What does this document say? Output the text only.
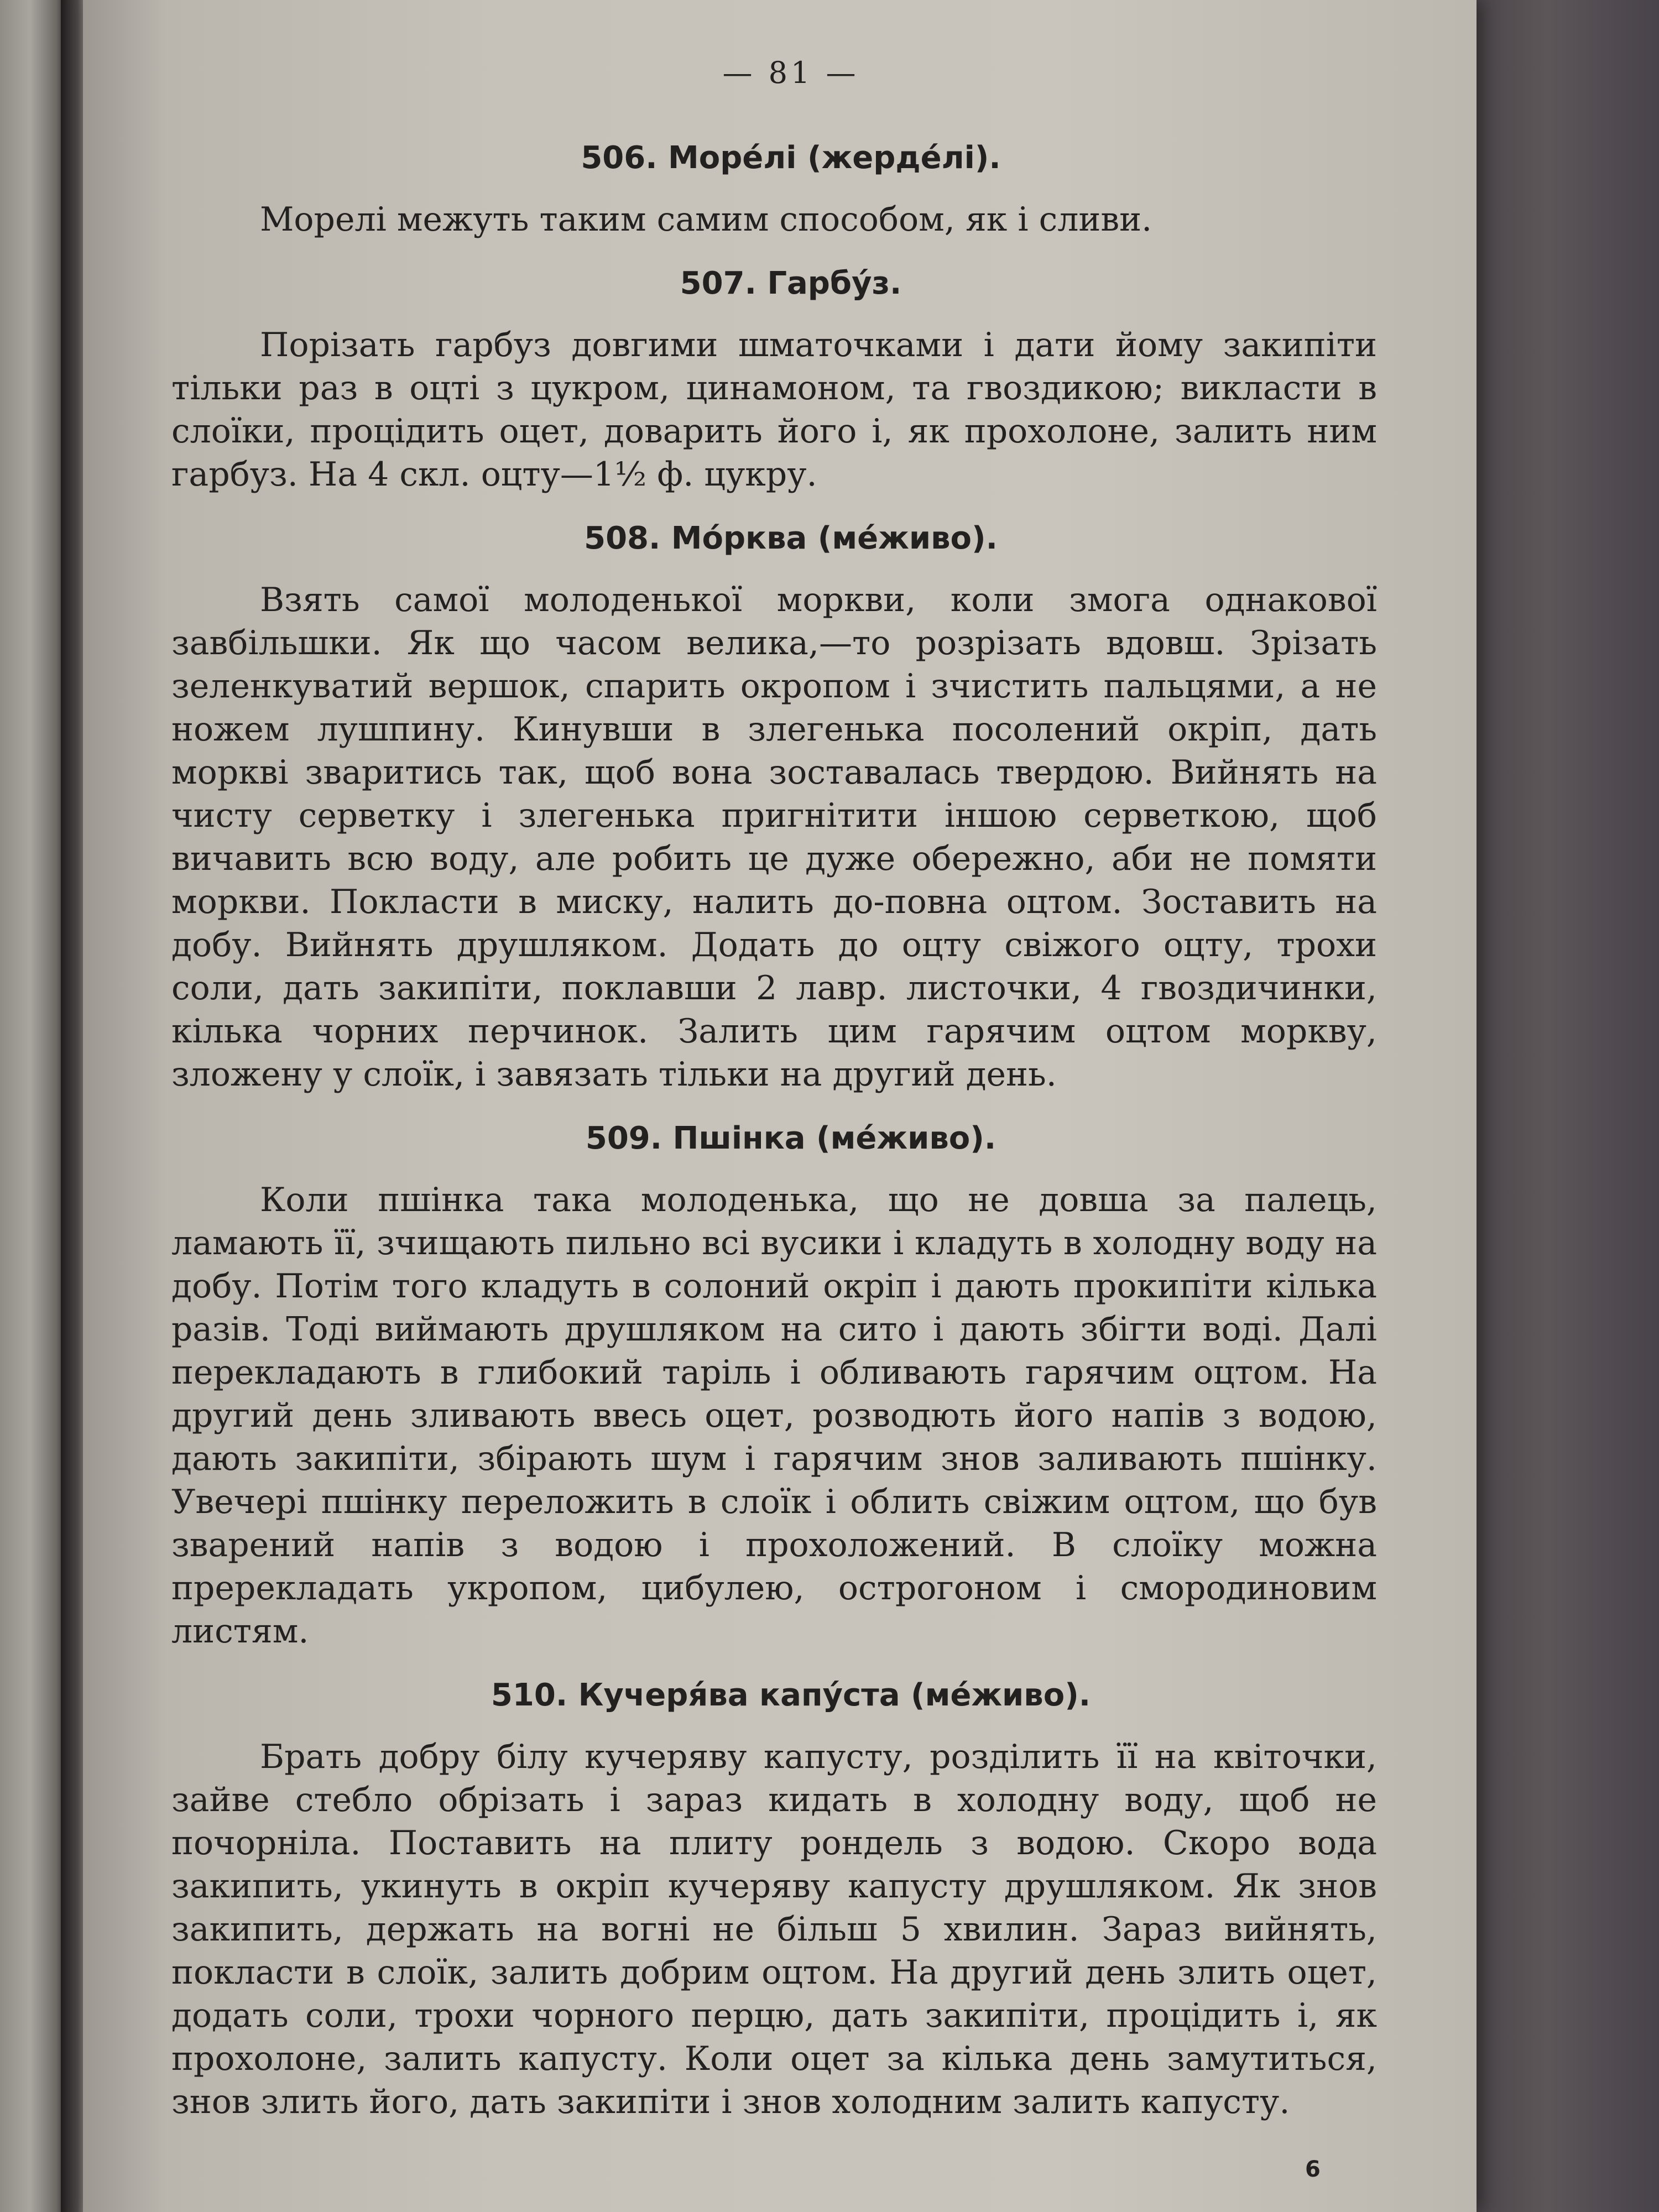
— 81 —
506. Морéлі (жердéлі).

Морелі межуть таким самим способом, як і сливи.

507. Гарбýз.

Порізать гарбуз довгими шматочками і дати йому закипіти тільки раз в оцті з цукром, цинамоном, та гвоздикою; викласти в слоїки, процідить оцет, доварить його і, як прохолоне, залить ним гарбуз. На 4 скл. оцту—1½ ф. цукру.

508. Мóрква (мéживо).

Взять самої молоденької моркви, коли змога однакової завбільшки. Як що часом велика,—то розрізать вдовш. Зрізать зеленкуватий вершок, спарить окропом і зчистить пальцями, а не ножем лушпину. Кинувши в злегенька посолений окріп, дать моркві зваритись так, щоб вона зоставалась твердою. Вийнять на чисту серветку і злегенька пригнітити іншою серветкою, щоб вичавить всю воду, але робить це дуже обережно, аби не помяти моркви. Покласти в миску, налить до-повна оцтом. Зоставить на добу. Вийнять друшляком. Додать до оцту свіжого оцту, трохи соли, дать закипіти, поклавши 2 лавр. листочки, 4 гвоздичинки, кілька чорних перчинок. Залить цим гарячим оцтом моркву, зложену у слоїк, і завязать тільки на другий день.

509. Пшінка (мéживо).

Коли пшінка така молоденька, що не довша за палець, ламають її, зчищають пильно всі вусики і кладуть в холодну воду на добу. Потім того кладуть в солоний окріп і дають прокипіти кілька разів. Тоді виймають друшляком на сито і дають збігти воді. Далі перекладають в глибокий таріль і обливають гарячим оцтом. На другий день зливають ввесь оцет, розводють його напів з водою, дають закипіти, збірають шум і гарячим знов заливають пшінку. Увечері пшінку переложить в слоїк і облить свіжим оцтом, що був зварений напів з водою і прохоложений. В слоїку можна пререкладать укропом, цибулею, острогоном і смородиновим листям.

510. Кучеря́ва капýста (мéживо).

Брать добру білу кучеряву капусту, розділить її на квіточки, зайве стебло обрізать і зараз кидать в холодну воду, щоб не почорніла. Поставить на плиту рондель з водою. Скоро вода закипить, укинуть в окріп кучеряву капусту друшляком. Як знов закипить, держать на вогні не більш 5 хвилин. Зараз вийнять, покласти в слоїк, залить добрим оцтом. На другий день злить оцет, додать соли, трохи чорного перцю, дать закипіти, процідить і, як прохолоне, залить капусту. Коли оцет за кілька день замутиться, знов злить його, дать закипіти і знов холодним залить капусту.

6
